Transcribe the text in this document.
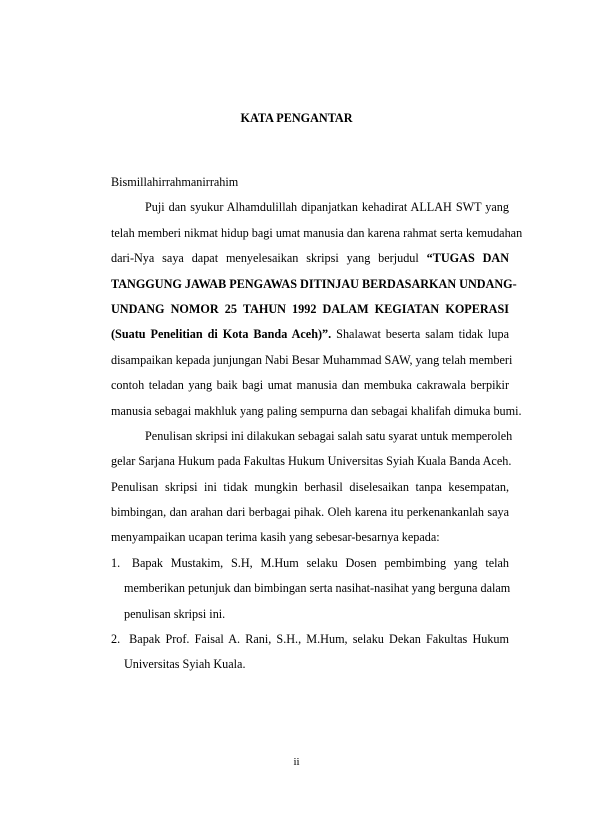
KATA PENGANTAR
Bismillahirrahmanirrahim
Puji dan syukur Alhamdulillah dipanjatkan kehadirat ALLAH SWT yang
telah memberi nikmat hidup bagi umat manusia dan karena rahmat serta kemudahan
dari-Nya saya dapat menyelesaikan skripsi yang berjudul “TUGAS DAN
TANGGUNG JAWAB PENGAWAS DITINJAU BERDASARKAN UNDANG-
UNDANG NOMOR 25 TAHUN 1992 DALAM KEGIATAN KOPERASI
(Suatu Penelitian di Kota Banda Aceh)”. Shalawat beserta salam tidak lupa
disampaikan kepada junjungan Nabi Besar Muhammad SAW, yang telah memberi
contoh teladan yang baik bagi umat manusia dan membuka cakrawala berpikir
manusia sebagai makhluk yang paling sempurna dan sebagai khalifah dimuka bumi.
Penulisan skripsi ini dilakukan sebagai salah satu syarat untuk memperoleh
gelar Sarjana Hukum pada Fakultas Hukum Universitas Syiah Kuala Banda Aceh.
Penulisan skripsi ini tidak mungkin berhasil diselesaikan tanpa kesempatan,
bimbingan, dan arahan dari berbagai pihak. Oleh karena itu perkenankanlah saya
menyampaikan ucapan terima kasih yang sebesar-besarnya kepada:
1. Bapak Mustakim, S.H, M.Hum selaku Dosen pembimbing yang telah
memberikan petunjuk dan bimbingan serta nasihat-nasihat yang berguna dalam
penulisan skripsi ini.
2. Bapak Prof. Faisal A. Rani, S.H., M.Hum, selaku Dekan Fakultas Hukum
Universitas Syiah Kuala.
ii
